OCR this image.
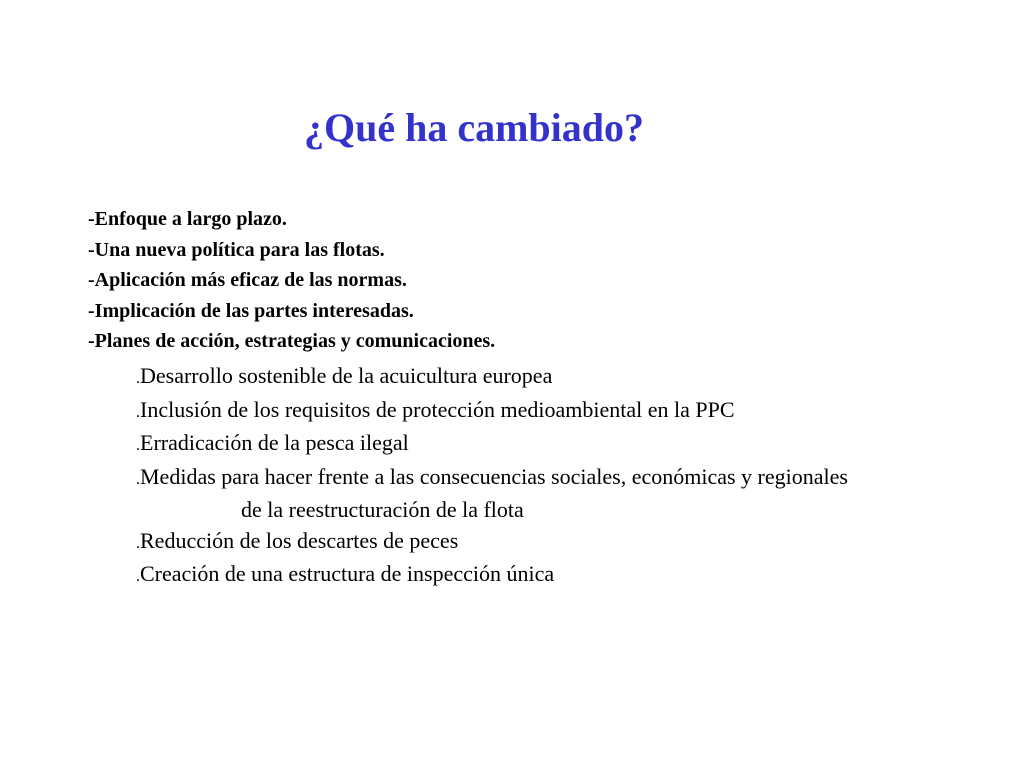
¿Qué ha cambiado?
-Enfoque a largo plazo.
-Una nueva política para las flotas.
-Aplicación más eficaz de las normas.
-Implicación de las partes interesadas.
-Planes de acción, estrategias y comunicaciones.
.Desarrollo sostenible de la acuicultura europea
.Inclusión de los requisitos de protección medioambiental en la PPC
.Erradicación de la pesca ilegal
.Medidas para hacer frente a las consecuencias sociales, económicas y regionales
de la reestructuración de la flota
.Reducción de los descartes de peces
.Creación de una estructura de inspección única
